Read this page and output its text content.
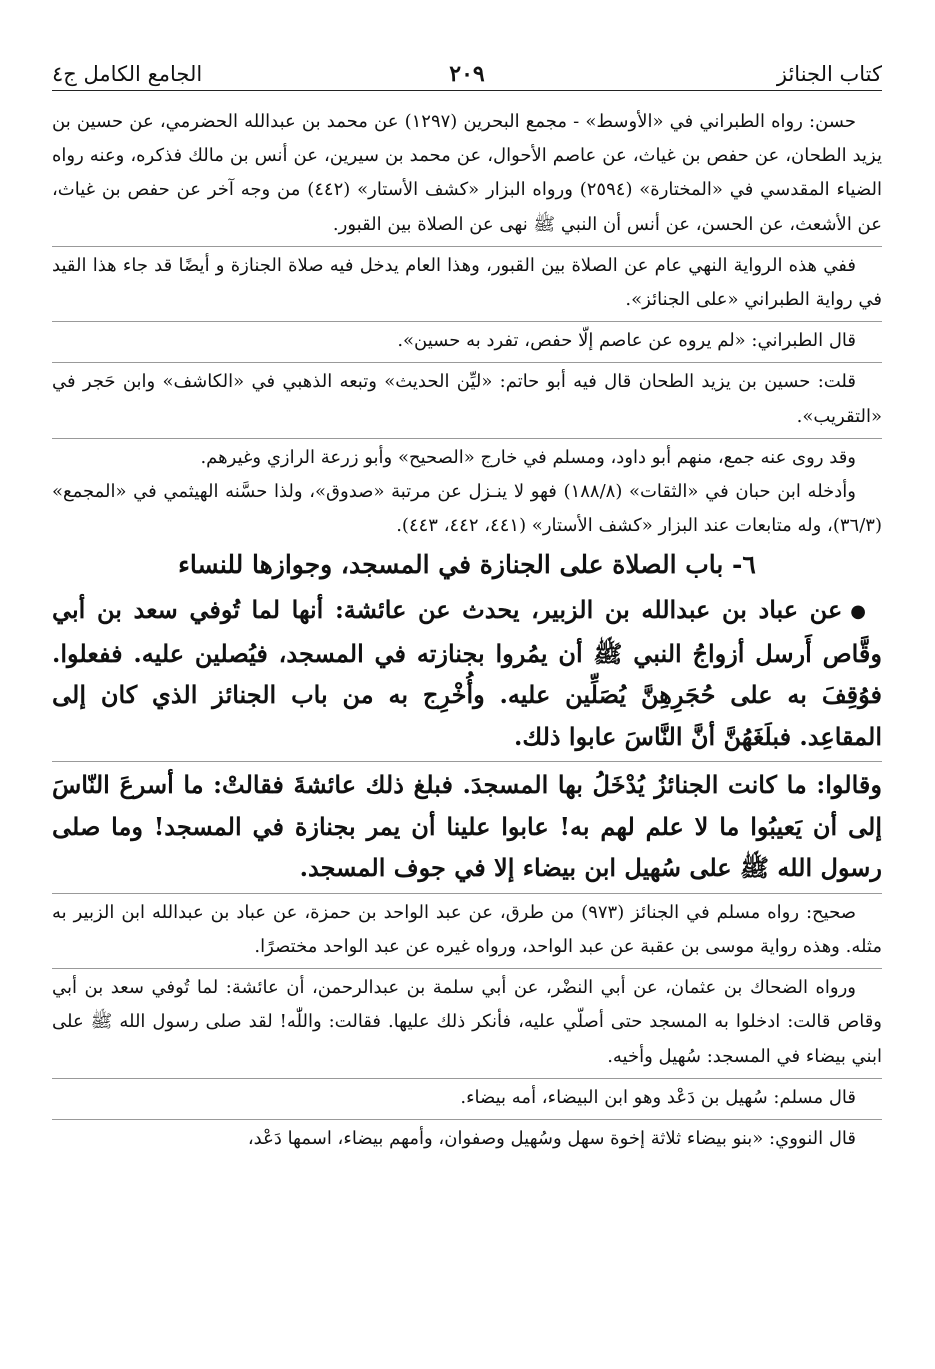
كتاب الجنائز
٢٠٩
الجامع الكامل ج٤

حسن: رواه الطبراني في «الأوسط» - مجمع البحرين (١٢٩٧) عن محمد بن عبدالله الحضرمي، عن حسين بن يزيد الطحان، عن حفص بن غياث، عن عاصم الأحوال، عن محمد بن سيرين، عن أنس بن مالك فذكره، وعنه رواه الضياء المقدسي في «المختارة» (٢٥٩٤) ورواه البزار «كشف الأستار» (٤٤٢) من وجه آخر عن حفص بن غياث، عن الأشعث، عن الحسن، عن أنس أن النبي ﷺ نهى عن الصلاة بين القبور.

ففي هذه الرواية النهي عام عن الصلاة بين القبور، وهذا العام يدخل فيه صلاة الجنازة و أيضًا قد جاء هذا القيد في رواية الطبراني «على الجنائز».

قال الطبراني: «لم يروه عن عاصم إلّا حفص، تفرد به حسين».

قلت: حسين بن يزيد الطحان قال فيه أبو حاتم: «ليِّن الحديث» وتبعه الذهبي في «الكاشف» وابن حَجر في «التقريب».

وقد روى عنه جمع، منهم أبو داود، ومسلم في خارج «الصحيح» وأبو زرعة الرازي وغيرهم.

وأدخله ابن حبان في «الثقات» (١٨٨/٨) فهو لا ينـزل عن مرتبة «صدوق»، ولذا حسَّنه الهيثمي في «المجمع» (٣٦/٣)، وله متابعات عند البزار «كشف الأستار» (٤٤١، ٤٤٢، ٤٤٣).

٦- باب الصلاة على الجنازة في المسجد، وجوازها للنساء

●عن عباد بن عبدالله بن الزبير، يحدث عن عائشة: أنها لما تُوفي سعد بن أبي وقَّاص أَرسل أزواجُ النبي ﷺ أن يمُروا بجنازته في المسجد، فيُصلين عليه. ففعلوا. فوُقِفَ به على حُجَرِهِنَّ يُصَلِّين عليه. وأُخْرِج به من باب الجنائز الذي كان إلى المقاعِد. فبلَغَهُنَّ أنَّ النَّاسَ عابوا ذلك.

وقالوا: ما كانت الجنائزُ يُدْخَلُ بها المسجدَ. فبلغ ذلك عائشةَ فقالتْ: ما أسرعَ النّاسَ إلى أن يَعيبُوا ما لا علم لهم به! عابوا علينا أن يمر بجنازة في المسجد! وما صلى رسول الله ﷺ على سُهيل ابن بيضاء إلا في جوف المسجد.

صحيح: رواه مسلم في الجنائز (٩٧٣) من طرق، عن عبد الواحد بن حمزة، عن عباد بن عبدالله ابن الزبير به مثله. وهذه رواية موسى بن عقبة عن عبد الواحد، ورواه غيره عن عبد الواحد مختصرًا.

ورواه الضحاك بن عثمان، عن أبي النضْر، عن أبي سلمة بن عبدالرحمن، أن عائشة: لما تُوفي سعد بن أبي وقاص قالت: ادخلوا به المسجد حتى أصلّي عليه، فأنكر ذلك عليها. فقالت: واللّٰه! لقد صلى رسول الله ﷺ على ابني بيضاء في المسجد: سُهيل وأخيه.

قال مسلم: سُهيل بن دَعْد وهو ابن البيضاء، أمه بيضاء.

قال النووي: «بنو بيضاء ثلاثة إخوة سهل وسُهيل وصفوان، وأمهم بيضاء، اسمها دَعْد،
